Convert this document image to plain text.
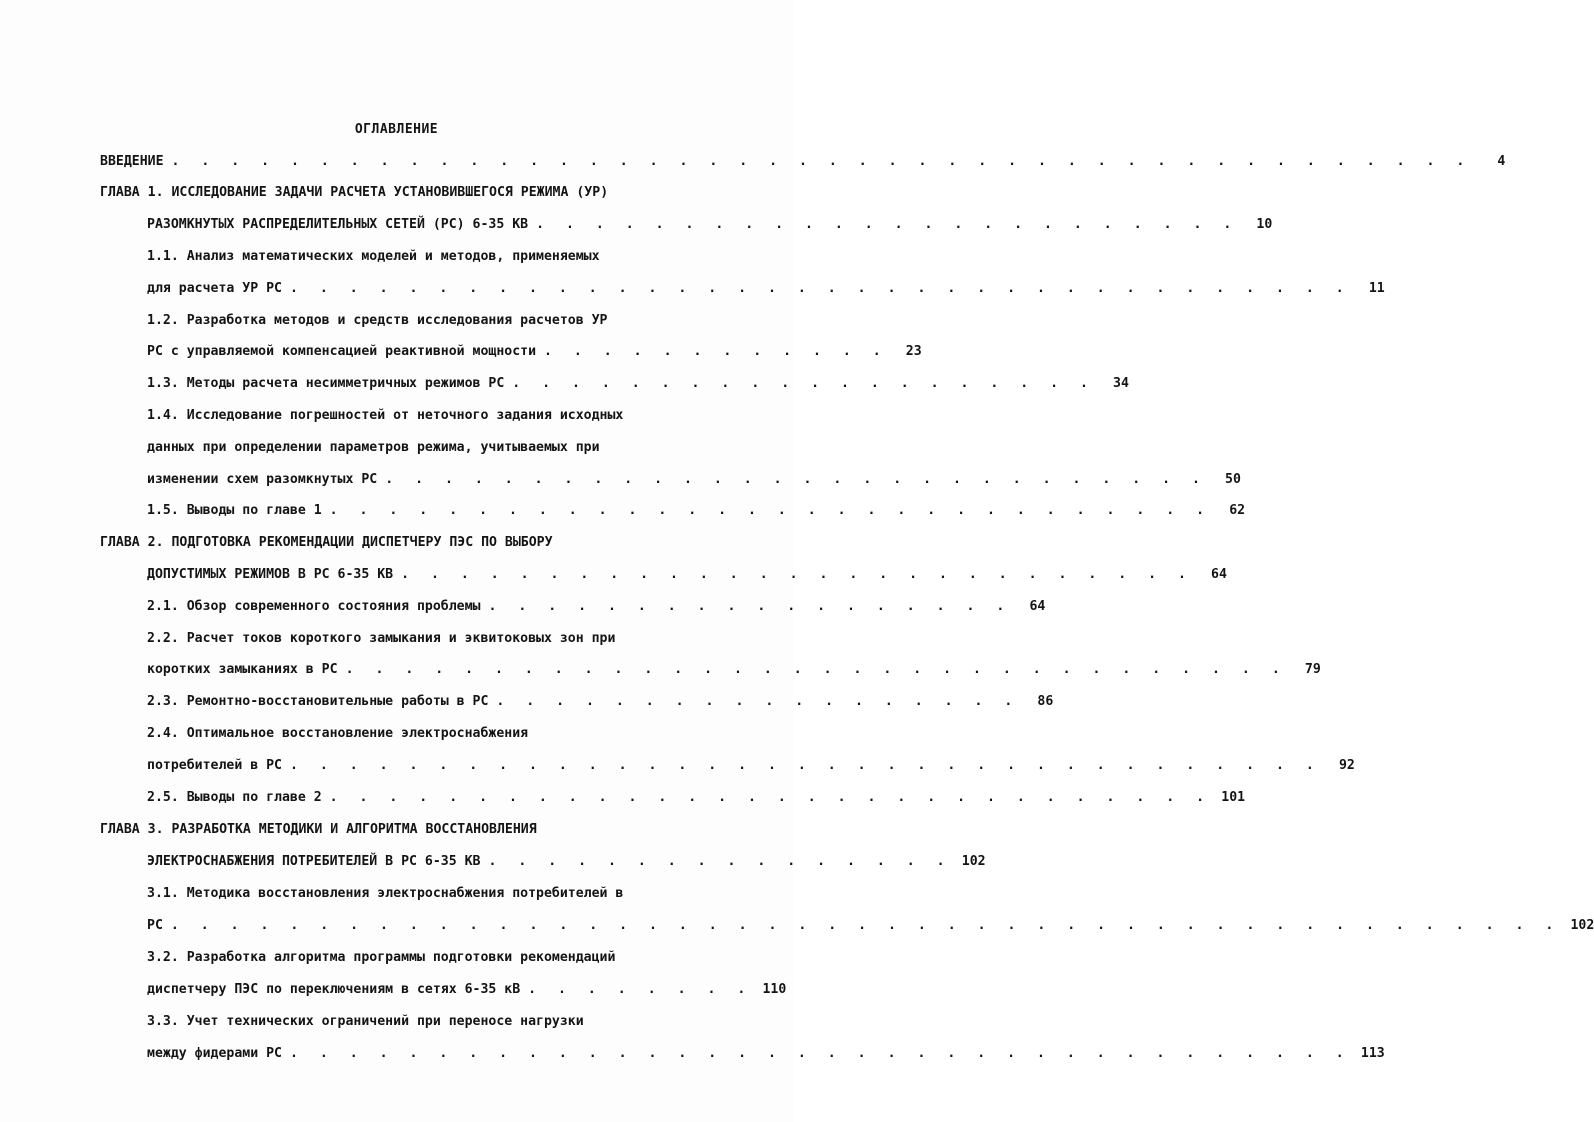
ОГЛАВЛЕНИЕ
ВВЕДЕНИЕ . . . . . . . . . . . . . . . . . . . . . . . . . . . . . . . . . . . . . . . . . . . .	4
ГЛАВА 1. ИССЛЕДОВАНИЕ ЗАДАЧИ РАСЧЕТА УСТАНОВИВШЕГОСЯ РЕЖИМА (УР)
РАЗОМКНУТЫХ РАСПРЕДЕЛИТЕЛЬНЫХ СЕТЕЙ (РС) 6-35 КВ . . . . . . . . . . . . . . . . . . . . . . . .	10
1.1. Анализ математических моделей и методов, применяемых
для расчета УР РС . . . . . . . . . . . . . . . . . . . . . . . . . . . . . . . . . . . .	11
1.2. Разработка методов и средств исследования расчетов УР
РС с управляемой компенсацией реактивной мощности . . . . . . . . . . . .	23
1.3. Методы расчета несимметричных режимов РС . . . . . . . . . . . . . . . . . . . .	34
1.4. Исследование погрешностей от неточного задания исходных
данных при определении параметров режима, учитываемых при
изменении схем разомкнутых РС . . . . . . . . . . . . . . . . . . . . . . . . . . . .	50
1.5. Выводы по главе 1 . . . . . . . . . . . . . . . . . . . . . . . . . . . . . .	62
ГЛАВА 2. ПОДГОТОВКА РЕКОМЕНДАЦИИ ДИСПЕТЧЕРУ ПЭС ПО ВЫБОРУ
ДОПУСТИМЫХ РЕЖИМОВ В РС 6-35 КВ . . . . . . . . . . . . . . . . . . . . . . . . . . .	64
2.1. Обзор современного состояния проблемы . . . . . . . . . . . . . . . . . .	64
2.2. Расчет токов короткого замыкания и эквитоковых зон при
коротких замыканиях в РС . . . . . . . . . . . . . . . . . . . . . . . . . . . . . . . .	79
2.3. Ремонтно-восстановительные работы в РС . . . . . . . . . . . . . . . . . .	86
2.4. Оптимальное восстановление электроснабжения
потребителей в РС . . . . . . . . . . . . . . . . . . . . . . . . . . . . . . . . . . .	92
2.5. Выводы по главе 2 . . . . . . . . . . . . . . . . . . . . . . . . . . . . . . 101
ГЛАВА 3. РАЗРАБОТКА МЕТОДИКИ И АЛГОРИТМА ВОССТАНОВЛЕНИЯ
ЭЛЕКТРОСНАБЖЕНИЯ ПОТРЕБИТЕЛЕЙ В РС 6-35 КВ . . . . . . . . . . . . . . . . 102
3.1. Методика восстановления электроснабжения потребителей в
РС . . . . . . . . . . . . . . . . . . . . . . . . . . . . . . . . . . . . . . . . . . . . . . . 102
3.2. Разработка алгоритма программы подготовки рекомендаций
диспетчеру ПЭС по переключениям в сетях 6-35 кВ . . . . . . . . 110
3.3. Учет технических ограничений при переносе нагрузки
между фидерами РС . . . . . . . . . . . . . . . . . . . . . . . . . . . . . . . . . . . . 113
